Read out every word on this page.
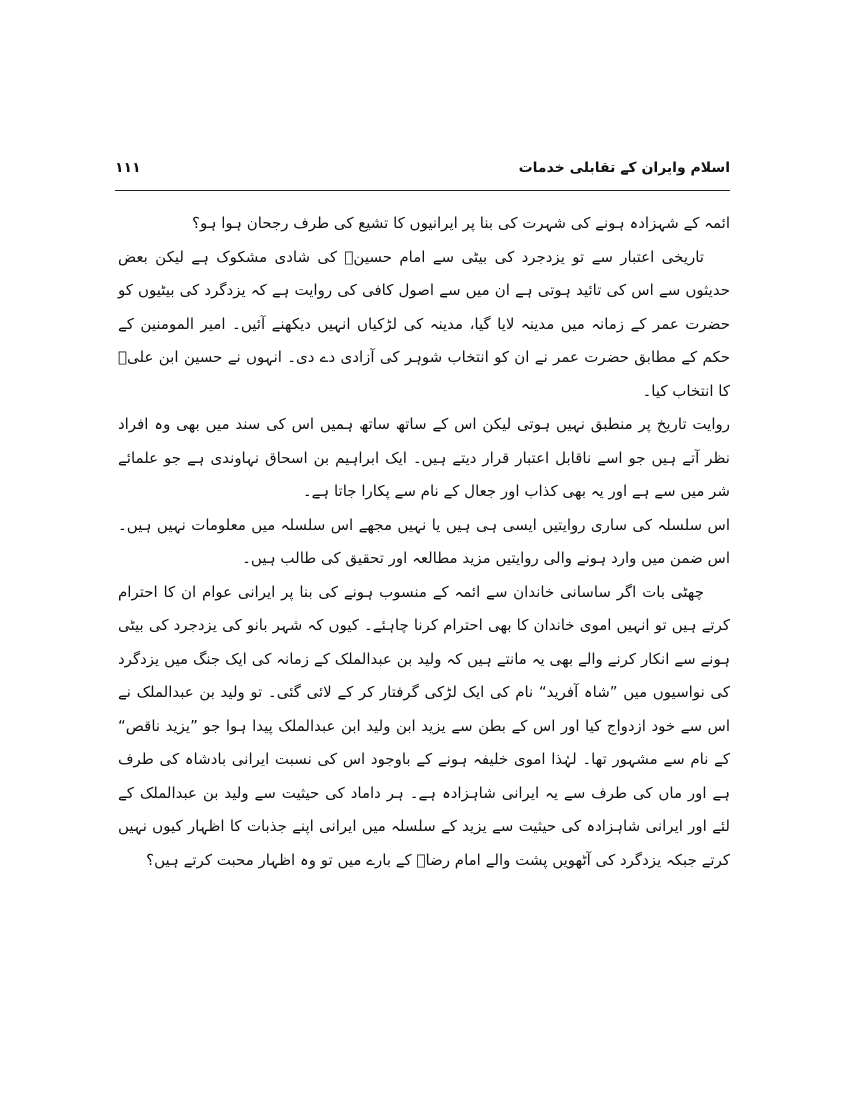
اسلام وایران کے تقابلی خدمات
۱۱۱

ائمہ کے شہزادہ ہونے کی شہرت کی بنا پر ایرانیوں کا تشیع کی طرف رجحان ہوا ہو؟

تاریخی اعتبار سے تو یزدجرد کی بیٹی سے امام حسینؑ کی شادی مشکوک ہے لیکن بعض حدیثوں سے اس کی تائید ہوتی ہے ان میں سے اصول کافی کی روایت ہے کہ یزدگرد کی بیٹیوں کو حضرت عمر کے زمانہ میں مدینہ لایا گیا، مدینہ کی لڑکیاں انہیں دیکھنے آئیں۔ امیر المومنین کے حکم کے مطابق حضرت عمر نے ان کو انتخاب شوہر کی آزادی دے دی۔ انہوں نے حسین ابن علیؑ کا انتخاب کیا۔

روایت تاریخ پر منطبق نہیں ہوتی لیکن اس کے ساتھ ساتھ ہمیں اس کی سند میں بھی وہ افراد نظر آتے ہیں جو اسے ناقابل اعتبار قرار دیتے ہیں۔ ایک ابراہیم بن اسحاق نہاوندی ہے جو علمائے شر میں سے ہے اور یہ بھی کذاب اور جعال کے نام سے پکارا جاتا ہے۔

اس سلسلہ کی ساری روایتیں ایسی ہی ہیں یا نہیں مجھے اس سلسلہ میں معلومات نہیں ہیں۔ اس ضمن میں وارد ہونے والی روایتیں مزید مطالعہ اور تحقیق کی طالب ہیں۔

چھٹی بات اگر ساسانی خاندان سے ائمہ کے منسوب ہونے کی بنا پر ایرانی عوام ان کا احترام کرتے ہیں تو انہیں اموی خاندان کا بھی احترام کرنا چاہئے۔ کیوں کہ شہر بانو کی یزدجرد کی بیٹی ہونے سے انکار کرنے والے بھی یہ مانتے ہیں کہ ولید بن عبدالملک کے زمانہ کی ایک جنگ میں یزدگرد کی نواسیوں میں ”شاہ آفرید“ نام کی ایک لڑکی گرفتار کر کے لائی گئی۔ تو ولید بن عبدالملک نے اس سے خود ازدواج کیا اور اس کے بطن سے یزید ابن ولید ابن عبدالملک پیدا ہوا جو ”یزید ناقص“ کے نام سے مشہور تھا۔ لہٰذا اموی خلیفہ ہونے کے باوجود اس کی نسبت ایرانی بادشاہ کی طرف ہے اور ماں کی طرف سے یہ ایرانی شاہزادہ ہے۔ ہر داماد کی حیثیت سے ولید بن عبدالملک کے لئے اور ایرانی شاہزادہ کی حیثیت سے یزید کے سلسلہ میں ایرانی اپنے جذبات کا اظہار کیوں نہیں کرتے جبکہ یزدگرد کی آٹھویں پشت والے امام رضاؑ کے بارے میں تو وہ اظہار محبت کرتے ہیں؟
